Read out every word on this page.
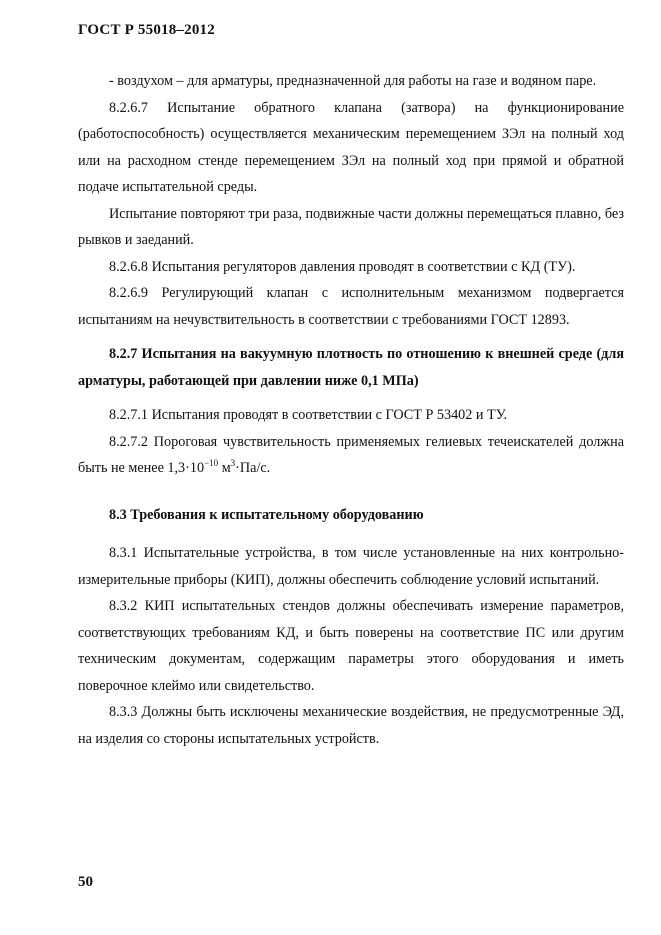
ГОСТ Р 55018–2012

- воздухом – для арматуры, предназначенной для работы на газе и водяном паре.

8.2.6.7 Испытание обратного клапана (затвора) на функционирование (работоспособность) осуществляется механическим перемещением ЗЭл на полный ход или на расходном стенде перемещением ЗЭл на полный ход при прямой и обратной подаче испытательной среды.

Испытание повторяют три раза, подвижные части должны перемещаться плавно, без рывков и заеданий.

8.2.6.8 Испытания регуляторов давления проводят в соответствии с КД (ТУ).

8.2.6.9 Регулирующий клапан с исполнительным механизмом подвергается испытаниям на нечувствительность в соответствии с требованиями ГОСТ 12893.

8.2.7 Испытания на вакуумную плотность по отношению к внешней среде (для арматуры, работающей при давлении ниже 0,1 МПа)

8.2.7.1 Испытания проводят в соответствии с ГОСТ Р 53402 и ТУ.

8.2.7.2 Пороговая чувствительность применяемых гелиевых течеискателей должна быть не менее $1,3\cdot 10^{-10}$ $м^3\cdot Па/с$.

8.3 Требования к испытательному оборудованию

8.3.1 Испытательные устройства, в том числе установленные на них контрольно-измерительные приборы (КИП), должны обеспечить соблюдение условий испытаний.

8.3.2 КИП испытательных стендов должны обеспечивать измерение параметров, соответствующих требованиям КД, и быть поверены на соответствие ПС или другим техническим документам, содержащим параметры этого оборудования и иметь поверочное клеймо или свидетельство.

8.3.3 Должны быть исключены механические воздействия, не предусмотренные ЭД, на изделия со стороны испытательных устройств.

50
